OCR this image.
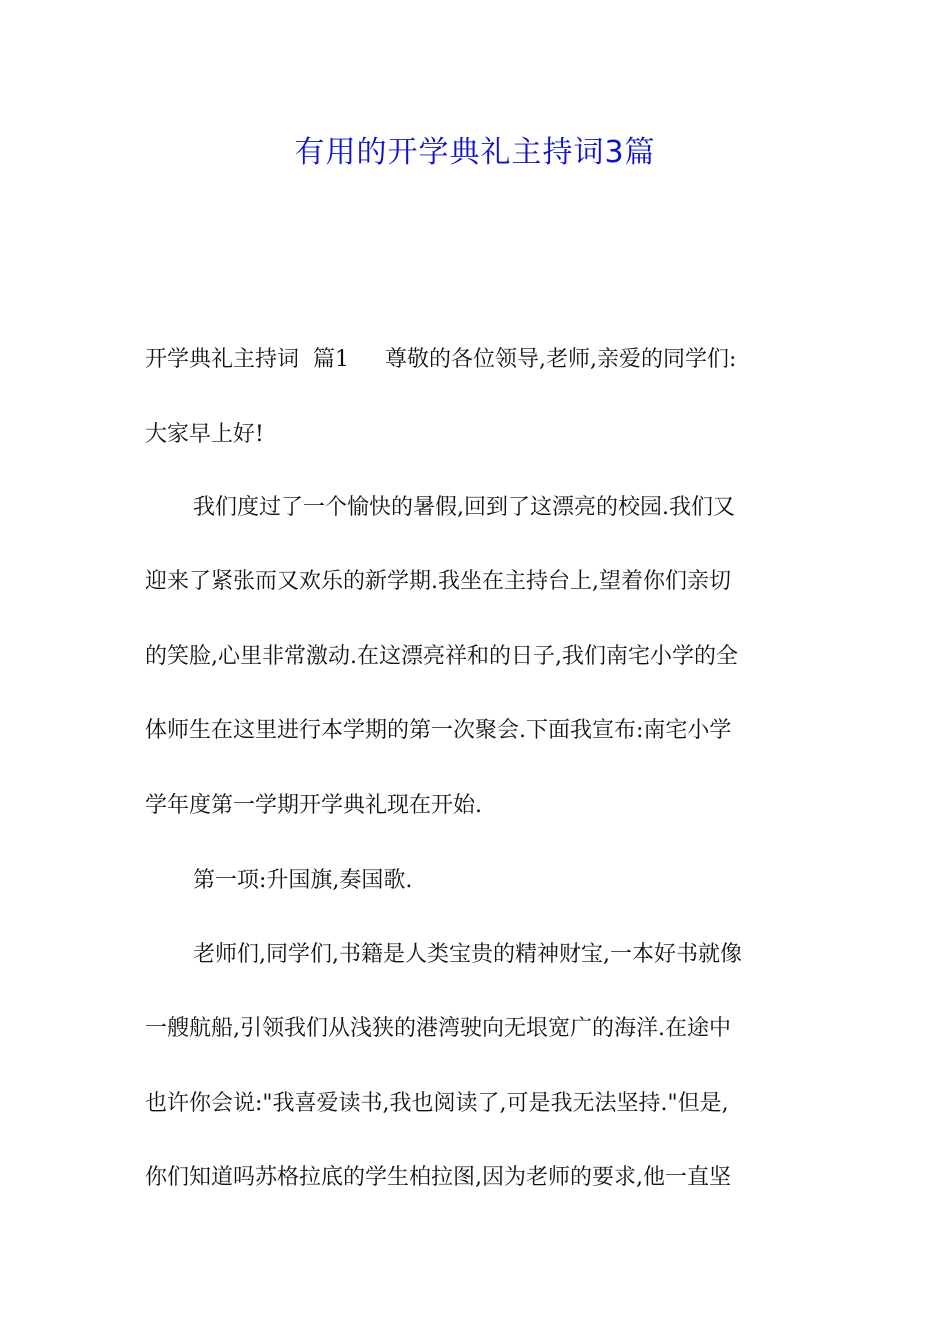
有用的开学典礼主持词3篇

开学典礼主持词  篇1 尊敬的各位领导,老师,亲爱的同学们:

大家早上好!

我们度过了一个愉快的暑假,回到了这漂亮的校园.我们又

迎来了紧张而又欢乐的新学期.我坐在主持台上,望着你们亲切

的笑脸,心里非常激动.在这漂亮祥和的日子,我们南宅小学的全

体师生在这里进行本学期的第一次聚会.下面我宣布:南宅小学

学年度第一学期开学典礼现在开始.

第一项:升国旗,奏国歌.

老师们,同学们,书籍是人类宝贵的精神财宝,一本好书就像

一艘航船,引领我们从浅狭的港湾驶向无垠宽广的海洋.在途中

也许你会说:"我喜爱读书,我也阅读了,可是我无法坚持."但是,

你们知道吗苏格拉底的学生柏拉图,因为老师的要求,他一直坚
